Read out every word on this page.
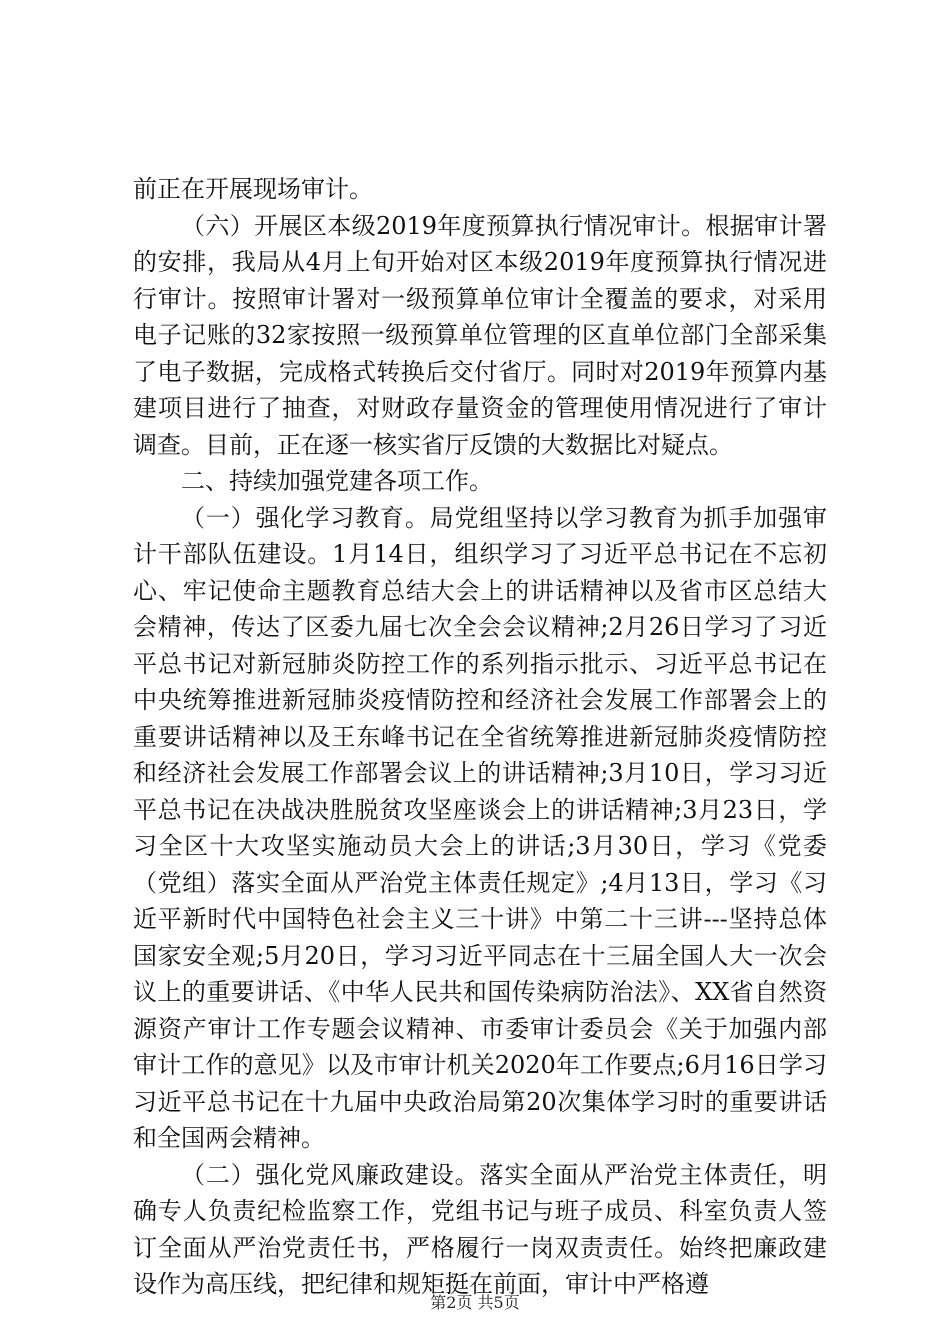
前正在开展现场审计。

（六）开展区本级2019年度预算执行情况审计。根据审计署的安排，我局从4月上旬开始对区本级2019年度预算执行情况进行审计。按照审计署对一级预算单位审计全覆盖的要求，对采用电子记账的32家按照一级预算单位管理的区直单位部门全部采集了电子数据，完成格式转换后交付省厅。同时对2019年预算内基建项目进行了抽查，对财政存量资金的管理使用情况进行了审计调查。目前，正在逐一核实省厅反馈的大数据比对疑点。

二、持续加强党建各项工作。

（一）强化学习教育。局党组坚持以学习教育为抓手加强审计干部队伍建设。1月14日，组织学习了习近平总书记在不忘初心、牢记使命主题教育总结大会上的讲话精神以及省市区总结大会精神，传达了区委九届七次全会会议精神;2月26日学习了习近平总书记对新冠肺炎防控工作的系列指示批示、习近平总书记在中央统筹推进新冠肺炎疫情防控和经济社会发展工作部署会上的重要讲话精神以及王东峰书记在全省统筹推进新冠肺炎疫情防控和经济社会发展工作部署会议上的讲话精神;3月10日，学习习近平总书记在决战决胜脱贫攻坚座谈会上的讲话精神;3月23日，学习全区十大攻坚实施动员大会上的讲话;3月30日，学习《党委（党组）落实全面从严治党主体责任规定》;4月13日，学习《习近平新时代中国特色社会主义三十讲》中第二十三讲---坚持总体国家安全观;5月20日，学习习近平同志在十三届全国人大一次会议上的重要讲话、《中华人民共和国传染病防治法》、XX省自然资源资产审计工作专题会议精神、市委审计委员会《关于加强内部审计工作的意见》以及市审计机关2020年工作要点;6月16日学习习近平总书记在十九届中央政治局第20次集体学习时的重要讲话和全国两会精神。

（二）强化党风廉政建设。落实全面从严治党主体责任，明确专人负责纪检监察工作，党组书记与班子成员、科室负责人签订全面从严治党责任书，严格履行一岗双责责任。始终把廉政建设作为高压线，把纪律和规矩挺在前面，审计中严格遵

第2页 共5页
